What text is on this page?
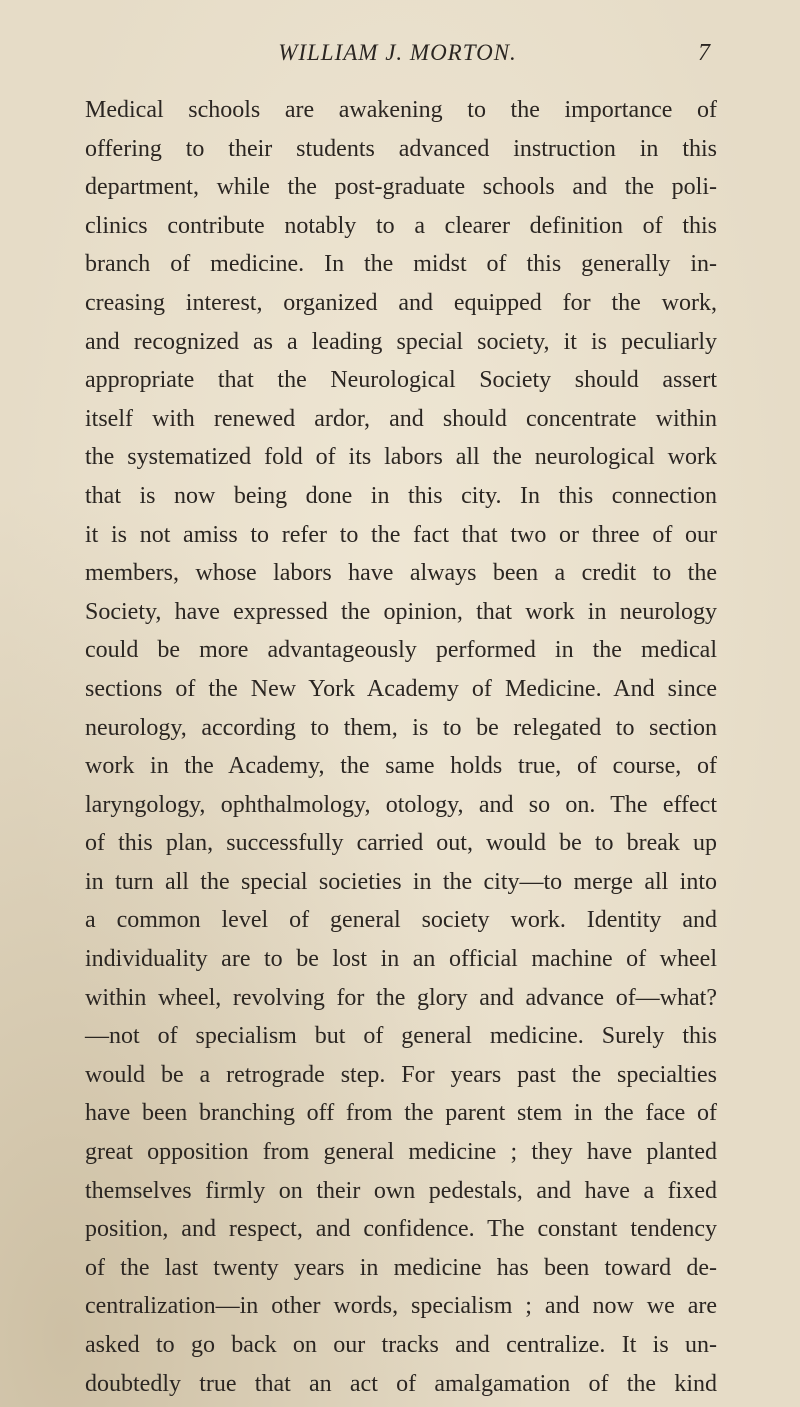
WILLIAM J. MORTON.	7
Medical schools are awakening to the importance of
offering to their students advanced instruction in this
department, while the post-graduate schools and the poli-
clinics contribute notably to a clearer definition of this
branch of medicine. In the midst of this generally in-
creasing interest, organized and equipped for the work,
and recognized as a leading special society, it is peculiarly
appropriate that the Neurological Society should assert
itself with renewed ardor, and should concentrate within
the systematized fold of its labors all the neurological work
that is now being done in this city. In this connection
it is not amiss to refer to the fact that two or three of our
members, whose labors have always been a credit to the
Society, have expressed the opinion, that work in neurology
could be more advantageously performed in the medical
sections of the New York Academy of Medicine. And since
neurology, according to them, is to be relegated to section
work in the Academy, the same holds true, of course, of
laryngology, ophthalmology, otology, and so on. The effect
of this plan, successfully carried out, would be to break up
in turn all the special societies in the city—to merge all into
a common level of general society work. Identity and
individuality are to be lost in an official machine of wheel
within wheel, revolving for the glory and advance of—what?
—not of specialism but of general medicine. Surely this
would be a retrograde step. For years past the specialties
have been branching off from the parent stem in the face of
great opposition from general medicine ; they have planted
themselves firmly on their own pedestals, and have a fixed
position, and respect, and confidence. The constant tendency
of the last twenty years in medicine has been toward de-
centralization—in other words, specialism ; and now we are
asked to go back on our tracks and centralize. It is un-
doubtedly true that an act of amalgamation of the kind
